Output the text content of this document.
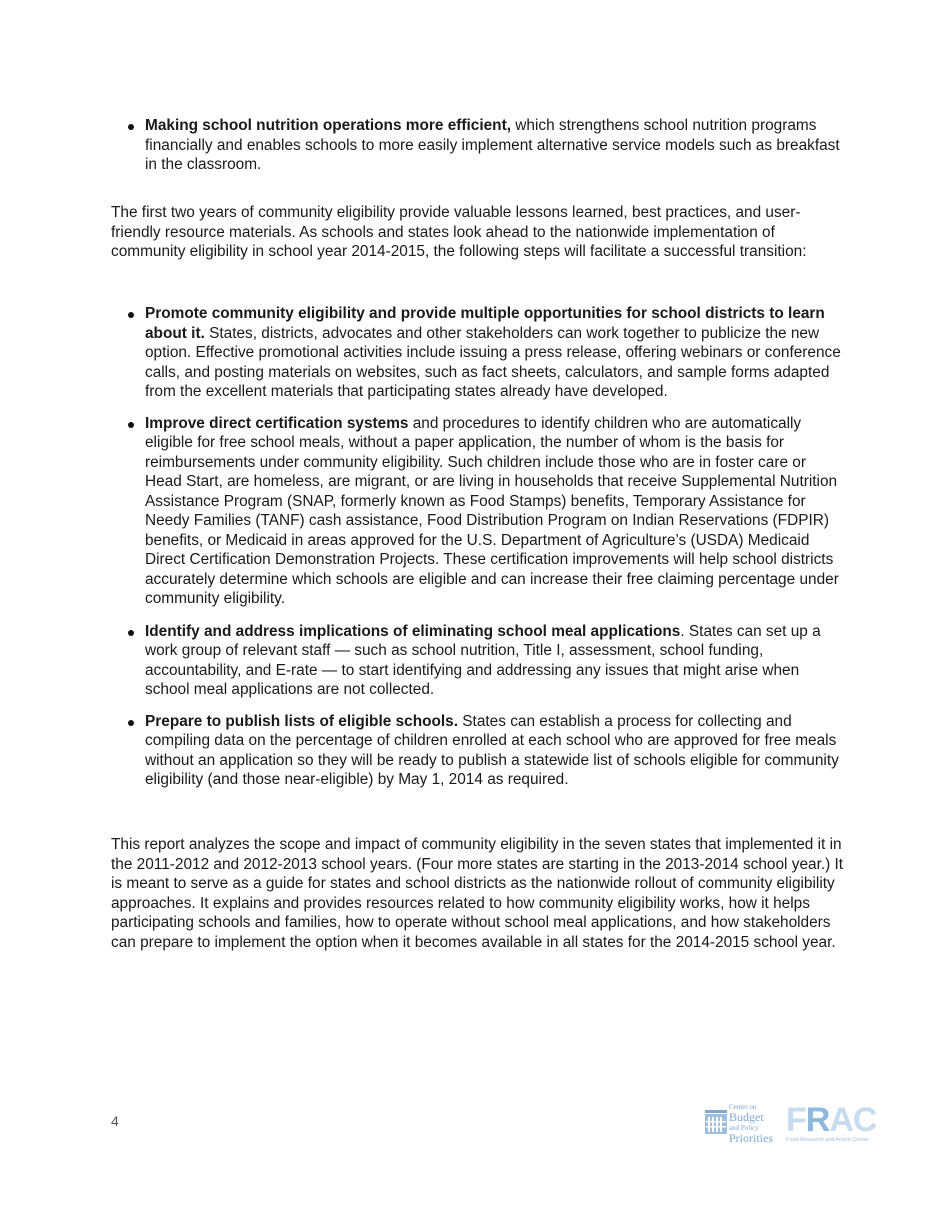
Making school nutrition operations more efficient, which strengthens school nutrition programs financially and enables schools to more easily implement alternative service models such as breakfast in the classroom.

The first two years of community eligibility provide valuable lessons learned, best practices, and user-friendly resource materials. As schools and states look ahead to the nationwide implementation of community eligibility in school year 2014-2015, the following steps will facilitate a successful transition:

Promote community eligibility and provide multiple opportunities for school districts to learn about it. States, districts, advocates and other stakeholders can work together to publicize the new option. Effective promotional activities include issuing a press release, offering webinars or conference calls, and posting materials on websites, such as fact sheets, calculators, and sample forms adapted from the excellent materials that participating states already have developed.
Improve direct certification systems and procedures to identify children who are automatically eligible for free school meals, without a paper application, the number of whom is the basis for reimbursements under community eligibility. Such children include those who are in foster care or Head Start, are homeless, are migrant, or are living in households that receive Supplemental Nutrition Assistance Program (SNAP, formerly known as Food Stamps) benefits, Temporary Assistance for Needy Families (TANF) cash assistance, Food Distribution Program on Indian Reservations (FDPIR) benefits, or Medicaid in areas approved for the U.S. Department of Agriculture’s (USDA) Medicaid Direct Certification Demonstration Projects. These certification improvements will help school districts accurately determine which schools are eligible and can increase their free claiming percentage under community eligibility.
Identify and address implications of eliminating school meal applications. States can set up a work group of relevant staff — such as school nutrition, Title I, assessment, school funding, accountability, and E-rate — to start identifying and addressing any issues that might arise when school meal applications are not collected.
Prepare to publish lists of eligible schools. States can establish a process for collecting and compiling data on the percentage of children enrolled at each school who are approved for free meals without an application so they will be ready to publish a statewide list of schools eligible for community eligibility (and those near-eligible) by May 1, 2014 as required.

This report analyzes the scope and impact of community eligibility in the seven states that implemented it in the 2011-2012 and 2012-2013 school years. (Four more states are starting in the 2013-2014 school year.) It is meant to serve as a guide for states and school districts as the nationwide rollout of community eligibility approaches. It explains and provides resources related to how community eligibility works, how it helps participating schools and families, how to operate without school meal applications, and how stakeholders can prepare to implement the option when it becomes available in all states for the 2014-2015 school year.

4
Center on
Budget
and Policy
Priorities FRAC
Food Research and Action Center
